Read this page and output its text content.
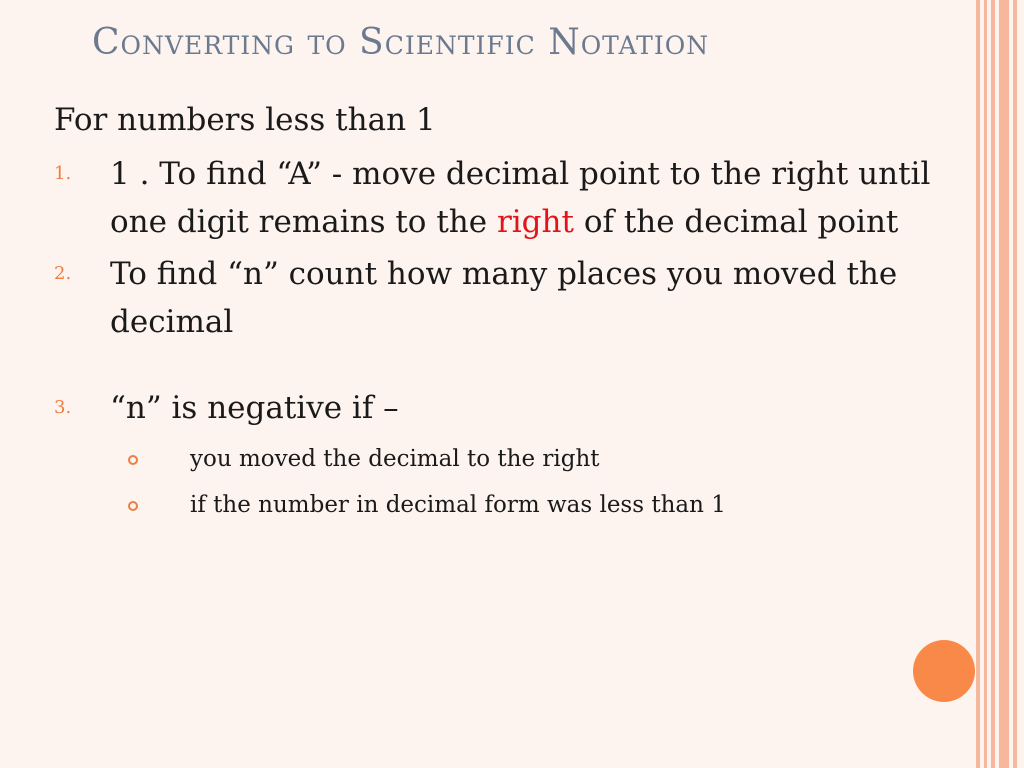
Converting to Scientific Notation
For numbers less than 1
1. 1 . To find “A” - move decimal point to the right until one digit remains to the right of the decimal point
2. To find “n” count how many places you moved the decimal
3. “n” is negative if –
you moved the decimal to the right
if the number in decimal form was less than 1
